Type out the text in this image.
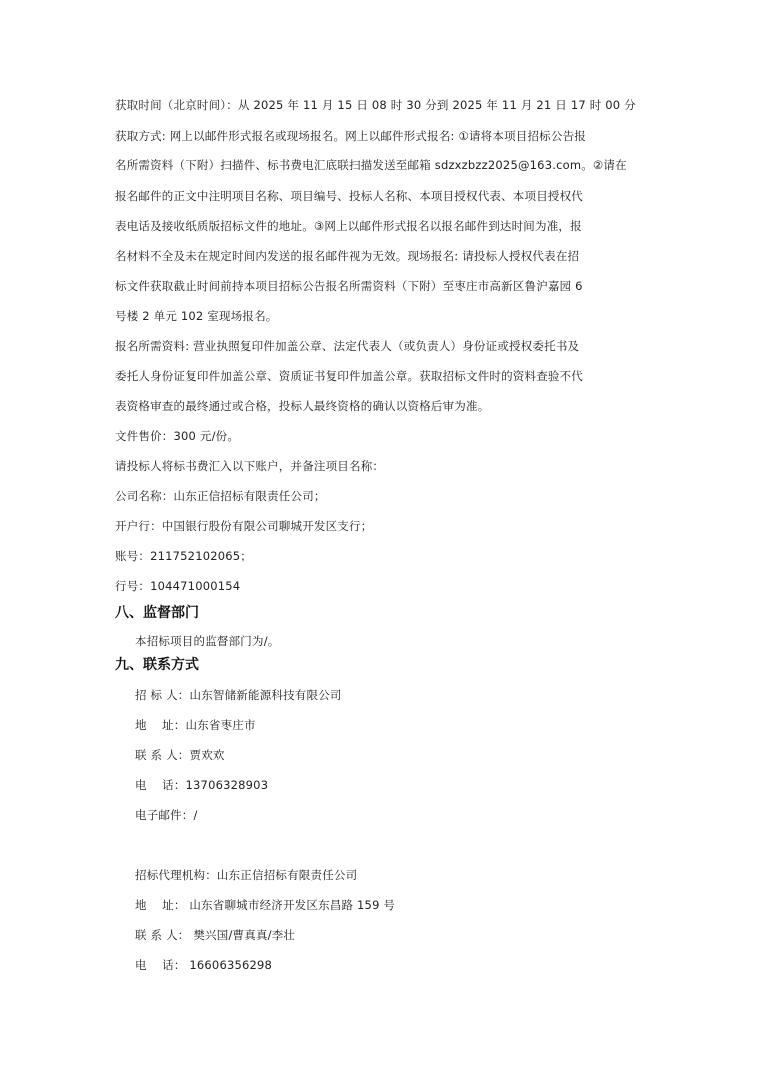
获取时间（北京时间）：从 2025 年 11 月 15 日 08 时 30 分到 2025 年 11 月 21 日 17 时 00 分
获取方式: 网上以邮件形式报名或现场报名。网上以邮件形式报名: ①请将本项目招标公告报
名所需资料（下附）扫描件、标书费电汇底联扫描发送至邮箱 sdzxzbzz2025@163.com。②请在
报名邮件的正文中注明项目名称、项目编号、投标人名称、本项目授权代表、本项目授权代
表电话及接收纸质版招标文件的地址。③网上以邮件形式报名以报名邮件到达时间为准，报
名材料不全及未在规定时间内发送的报名邮件视为无效。现场报名: 请投标人授权代表在招
标文件获取截止时间前持本项目招标公告报名所需资料（下附）至枣庄市高新区鲁沪嘉园 6
号楼 2 单元 102 室现场报名。
报名所需资料: 营业执照复印件加盖公章、法定代表人（或负责人）身份证或授权委托书及
委托人身份证复印件加盖公章、资质证书复印件加盖公章。获取招标文件时的资料查验不代
表资格审查的最终通过或合格，投标人最终资格的确认以资格后审为准。
文件售价：300 元/份。
请投标人将标书费汇入以下账户，并备注项目名称：
公司名称：山东正信招标有限责任公司；
开户行：中国银行股份有限公司聊城开发区支行；
账号：211752102065；
行号：104471000154
八、监督部门
本招标项目的监督部门为/。
九、联系方式
招 标 人：山东智储新能源科技有限公司
地    址：山东省枣庄市
联 系 人：贾欢欢
电    话：13706328903
电子邮件：/
招标代理机构：山东正信招标有限责任公司
地    址： 山东省聊城市经济开发区东昌路 159 号
联 系 人： 樊兴国/曹真真/李壮
电    话： 16606356298
